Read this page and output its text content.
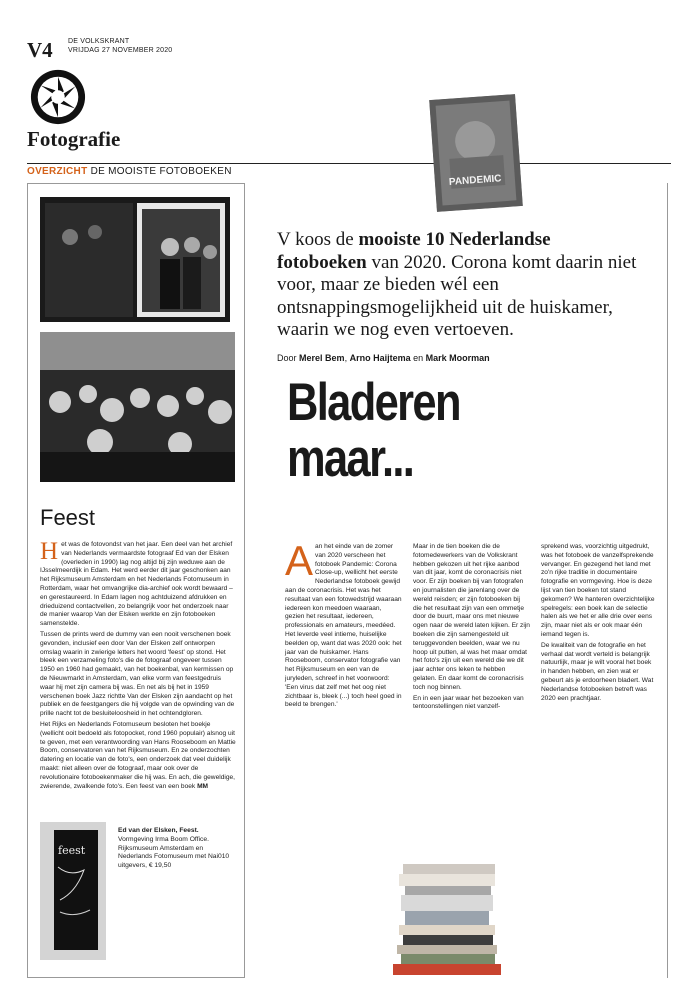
V4 DE VOLKSKRANT
VRIJDAG 27 NOVEMBER 2020
Fotografie
OVERZICHT DE MOOISTE FOTOBOEKEN
Feest

Het was de fotovondst van het jaar. Een deel van het archief van Nederlands vermaardste fotograaf Ed van der Elsken (overleden in 1990) lag nog altijd bij zijn weduwe aan de IJsselmeerdijk in Edam. Het werd eerder dit jaar geschonken aan het Rijksmuseum Amsterdam en het Nederlands Fotomuseum in Rotterdam, waar het omvangrijke dia-archief ook wordt bewaard – en gerestaureerd. In Edam lagen nog achtduizend afdrukken en drieduizend contactvellen, zo belangrijk voor het onderzoek naar de manier waarop Van der Elsken werkte en zijn fotoboeken samenstelde.

Tussen de prints werd de dummy van een nooit verschenen boek gevonden, inclusief een door Van der Elsken zelf ontworpen omslag waarin in zwierige letters het woord 'feest' op stond. Het bleek een verzameling foto's die de fotograaf ongeveer tussen 1950 en 1960 had gemaakt, van het boekenbal, van kermissen op de Nieuwmarkt in Amsterdam, van elke vorm van feestgedruis waar hij met zijn camera bij was. En net als bij het in 1959 verschenen boek Jazz richtte Van der Elsken zijn aandacht op het publiek en de feestgangers die hij volgde van de opwinding van de prille nacht tot de besluiteloosheid in het ochtendgloren.

Het Rijks en Nederlands Fotomuseum besloten het boekje (wellicht ooit bedoeld als fotopocket, rond 1960 populair) alsnog uit te geven, met een verantwoording van Hans Rooseboom en Mattie Boom, conservatoren van het Rijksmuseum. En ze onderzochten datering en locatie van de foto's, een onderzoek dat veel duidelijk maakt: niet alleen over de fotograaf, maar ook over de revolutionaire fotoboekenmaker die hij was. En ach, die geweldige, zwierende, zwalkende foto's. Een feest van een boek MM

feest
Ed van der Elsken, Feest.
Vormgeving Irma Boom Office. Rijksmuseum Amsterdam en Nederlands Fotomuseum met Nai010 uitgevers, € 19,50
PANDEMIC
V koos de mooiste 10 Nederlandse fotoboeken van 2020. Corona komt daarin niet voor, maar ze bieden wél een ontsnappingsmogelijkheid uit de huiskamer, waarin we nog even vertoeven.
Door Merel Bem, Arno Haijtema en Mark Moorman
Bladeren
maar...

Aan het einde van de zomer van 2020 verscheen het fotoboek Pandemic: Corona Close-up, wellicht het eerste Nederlandse fotoboek gewijd aan de coronacrisis. Het was het resultaat van een fotowedstrijd waaraan iedereen kon meedoen waaraan, gezien het resultaat, iedereen, professionals en amateurs, meedéed. Het leverde veel intieme, huiselijke beelden op, want dat was 2020 ook: het jaar van de huiskamer. Hans Rooseboom, conservator fotografie van het Rijksmuseum en een van de juryleden, schreef in het voorwoord: 'Een virus dat zelf met het oog niet zichtbaar is, bleek (...) toch heel goed in beeld te brengen.'

Maar in de tien boeken die de fotomedewerkers van de Volkskrant hebben gekozen uit het rijke aanbod van dit jaar, komt de coronacrisis niet voor. Er zijn boeken bij van fotografen en journalisten die jarenlang over de wereld reisden; er zijn fotoboeken bij die het resultaat zijn van een ommetje door de buurt, maar ons met nieuwe ogen naar de wereld laten kijken. Er zijn boeken die zijn samengesteld uit teruggevonden beelden, waar we nu hoop uit putten, al was het maar omdat het foto's zijn uit een wereld die we dit jaar achter ons leken te hebben gelaten. En daar komt de coronacrisis toch nog binnen.

En in een jaar waar het bezoeken van tentoonstellingen niet vanzelf-

sprekend was, voorzichtig uitgedrukt, was het fotoboek de vanzelfsprekende vervanger. En gezegend het land met zo'n rijke traditie in documentaire fotografie en vormgeving. Hoe is deze lijst van tien boeken tot stand gekomen? We hanteren overzichtelijke spelregels: een boek kan de selectie halen als we het er alle drie over eens zijn, maar niet als er ook maar één iemand tegen is.

De kwaliteit van de fotografie en het verhaal dat wordt verteld is belangrijk natuurlijk, maar je wilt vooral het boek in handen hebben, en zien wat er gebeurt als je erdoorheen bladert. Wat Nederlandse fotoboeken betreft was 2020 een prachtjaar.
